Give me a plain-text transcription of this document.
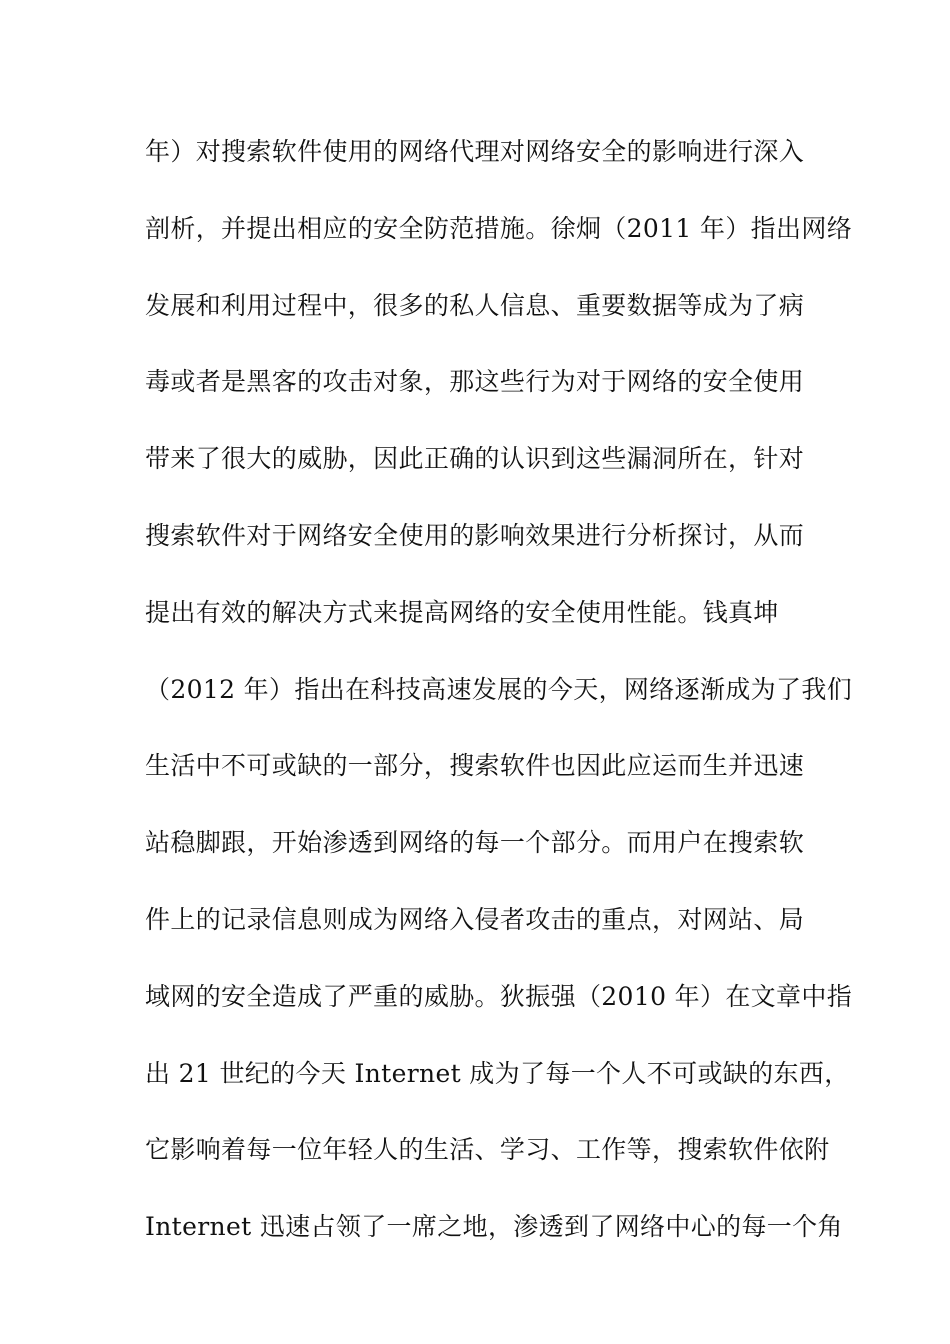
年）对搜索软件使用的网络代理对网络安全的影响进行深入
剖析，并提出相应的安全防范措施。徐炯（2011 年）指出网络
发展和利用过程中，很多的私人信息、重要数据等成为了病
毒或者是黑客的攻击对象，那这些行为对于网络的安全使用
带来了很大的威胁，因此正确的认识到这些漏洞所在，针对
搜索软件对于网络安全使用的影响效果进行分析探讨，从而
提出有效的解决方式来提高网络的安全使用性能。钱真坤
（2012 年）指出在科技高速发展的今天，网络逐渐成为了我们
生活中不可或缺的一部分，搜索软件也因此应运而生并迅速
站稳脚跟，开始渗透到网络的每一个部分。而用户在搜索软
件上的记录信息则成为网络入侵者攻击的重点，对网站、局
域网的安全造成了严重的威胁。狄振强（2010 年）在文章中指
出 21 世纪的今天 Internet 成为了每一个人不可或缺的东西，
它影响着每一位年轻人的生活、学习、工作等，搜索软件依附
Internet 迅速占领了一席之地，渗透到了网络中心的每一个角
